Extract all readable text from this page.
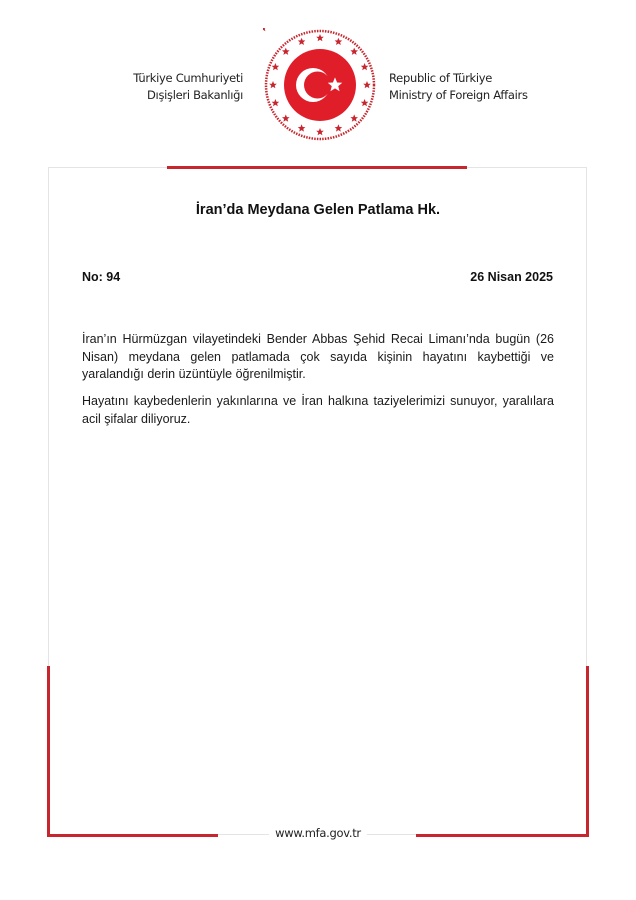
Türkiye Cumhuriyeti
Dışişleri Bakanlığı
Republic of Türkiye
Ministry of Foreign Affairs
İran’da Meydana Gelen Patlama Hk.
No: 94	26 Nisan 2025
İran’ın Hürmüzgan vilayetindeki Bender Abbas Şehid Recai Limanı’nda bugün (26 Nisan) meydana gelen patlamada çok sayıda kişinin hayatını kaybettiği ve yaralandığı derin üzüntüyle öğrenilmiştir.
Hayatını kaybedenlerin yakınlarına ve İran halkına taziyelerimizi sunuyor, yaralılara acil şifalar diliyoruz.
www.mfa.gov.tr
